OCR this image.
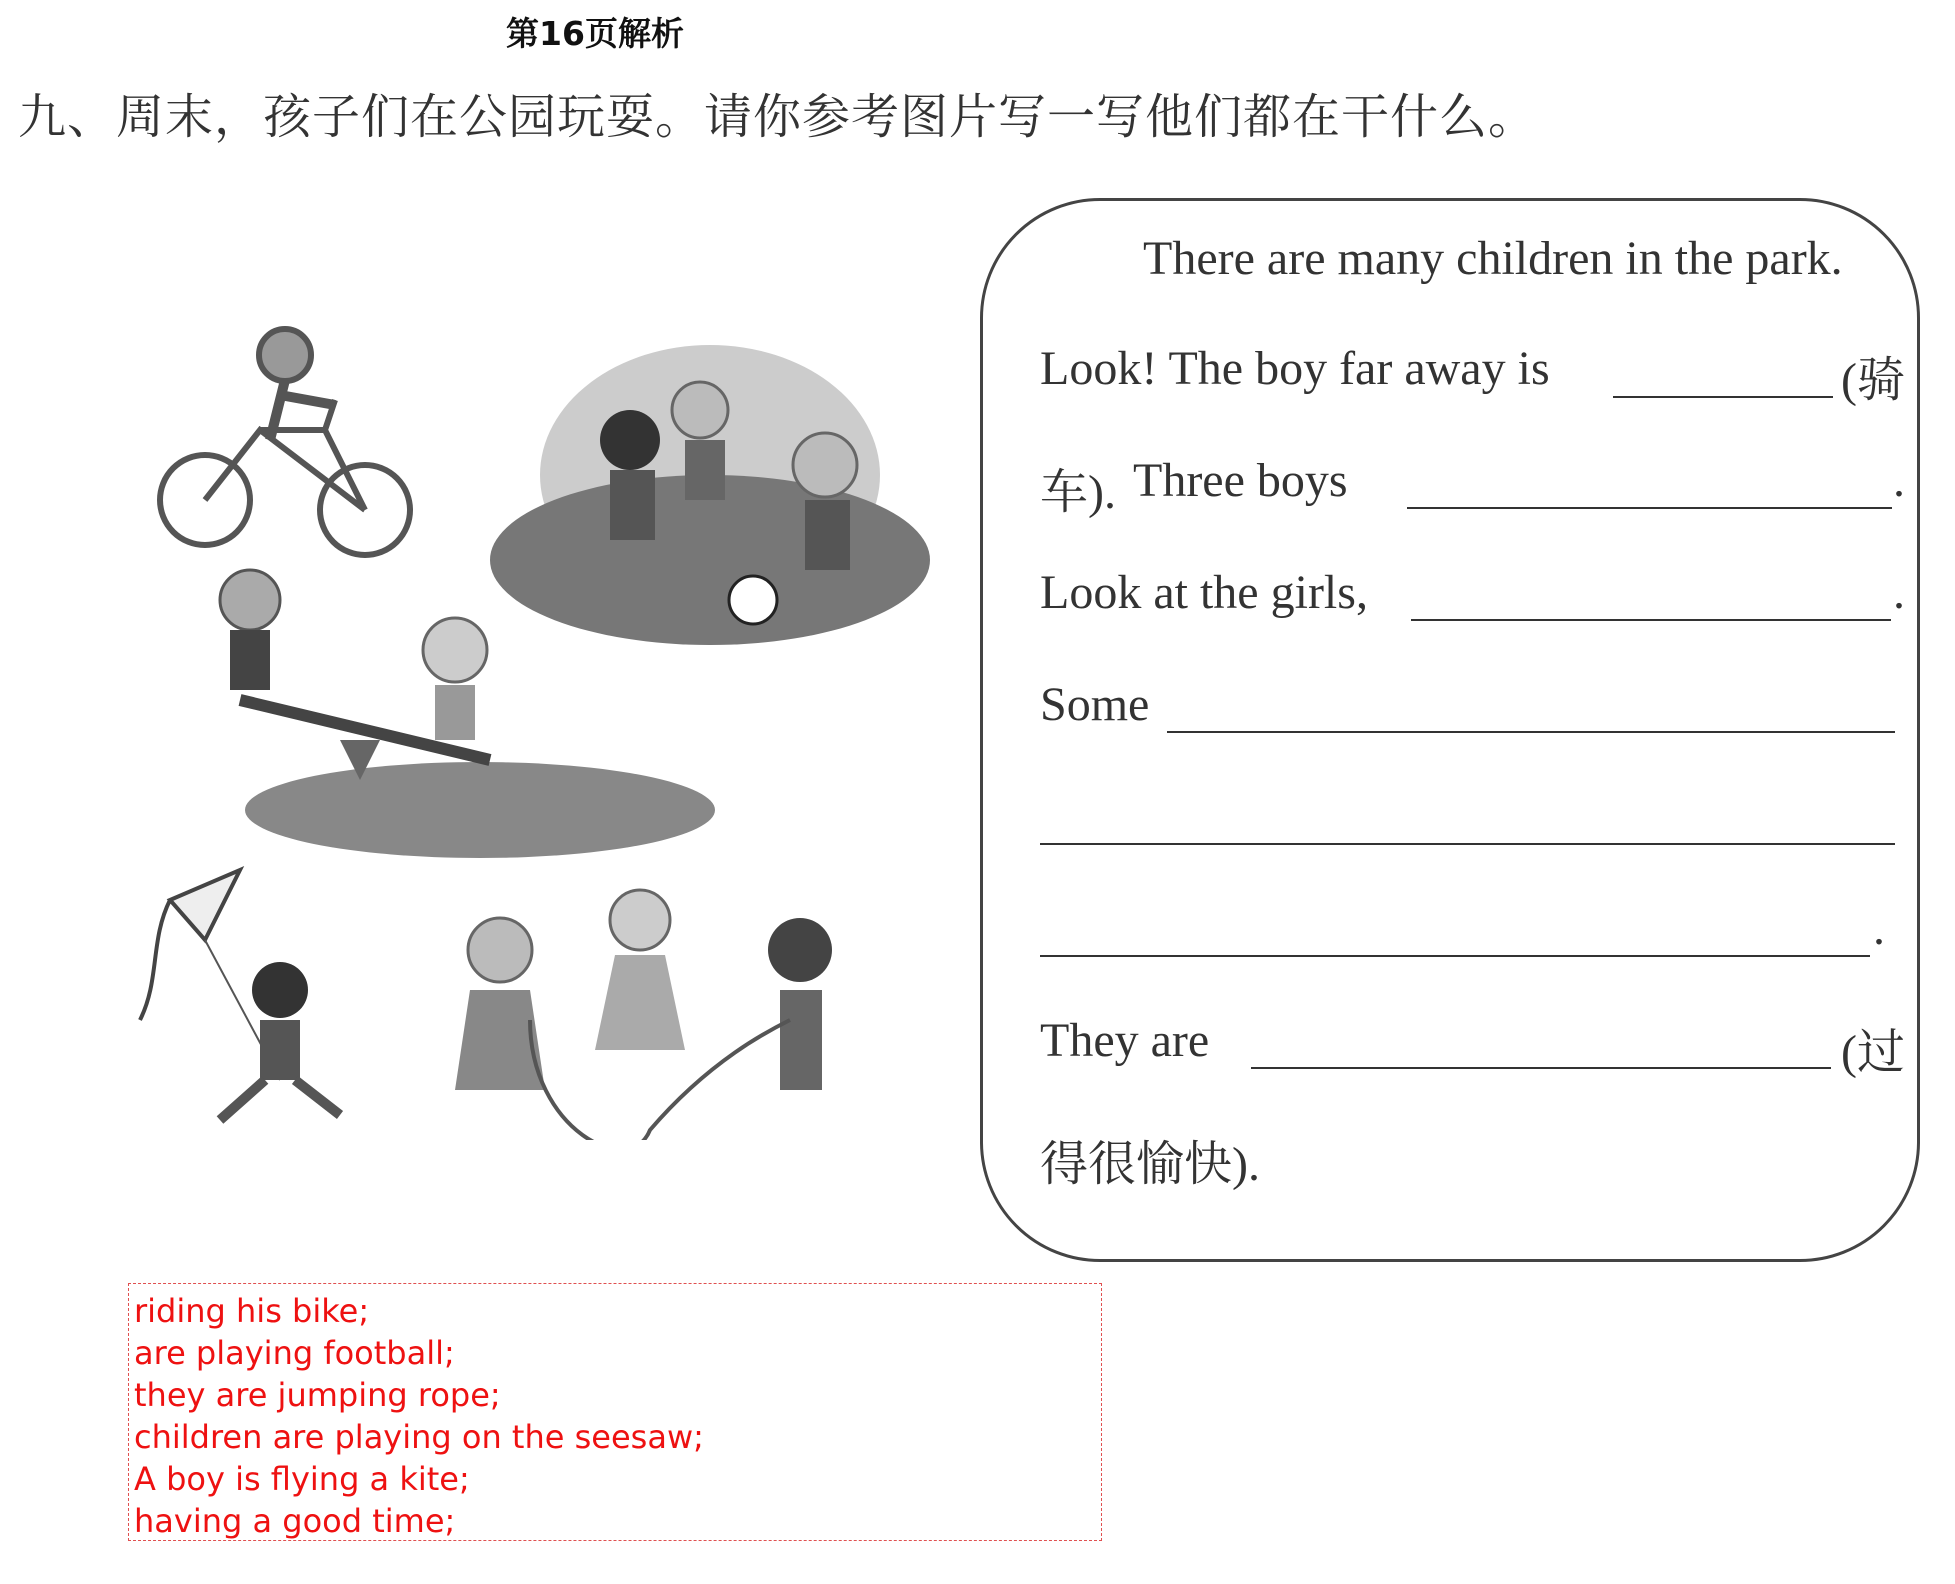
第16页解析
九、周末，孩子们在公园玩耍。请你参考图片写一写他们都在干什么。
There are many children in the park.
Look! The boy far away is	(骑
车). Three boys	.
Look at the girls,	.
Some
.
They are	(过
得很愉快).
riding his bike;
are playing football;
they are jumping rope;
children are playing on the seesaw;
A boy is flying a kite;
having a good time;
